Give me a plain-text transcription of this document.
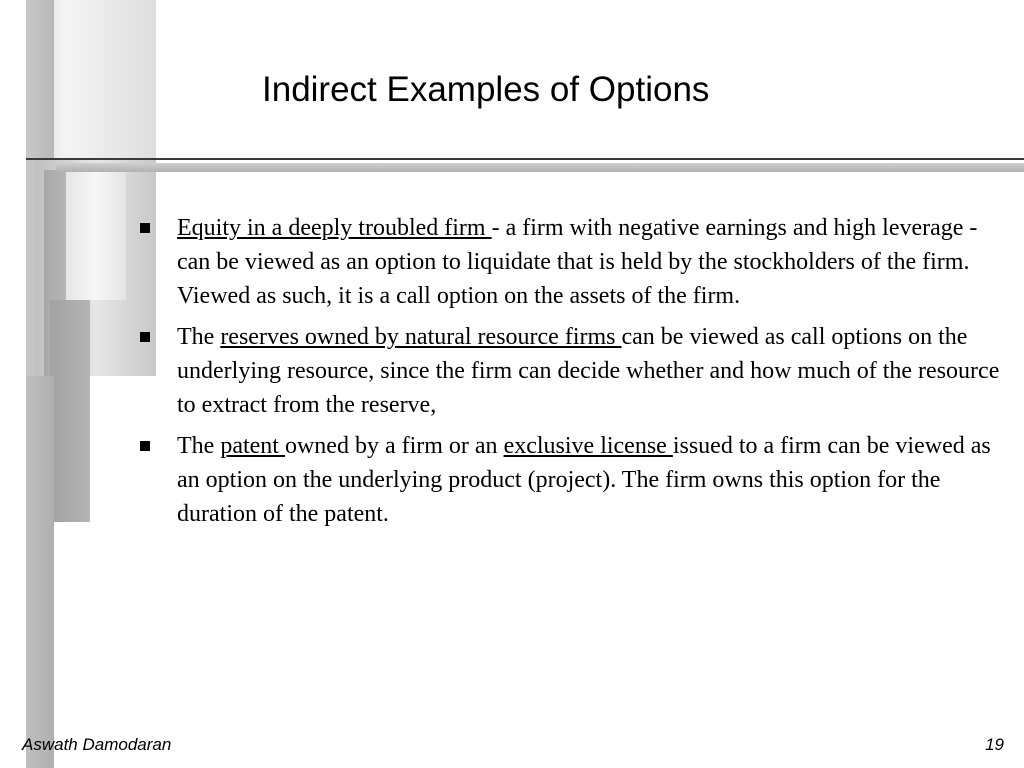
Indirect Examples of Options
Equity in a deeply troubled firm - a firm with negative earnings and high leverage - can be viewed as an option to liquidate that is held by the stockholders of the firm. Viewed as such, it is a call option on the assets of the firm.
The reserves owned by natural resource firms can be viewed as call options on the underlying resource, since the firm can decide whether and how much of the resource to extract from the reserve,
The patent owned by a firm or an exclusive license issued to a firm can be viewed as an option on the underlying product (project). The firm owns this option for the duration of the patent.
Aswath Damodaran	19
